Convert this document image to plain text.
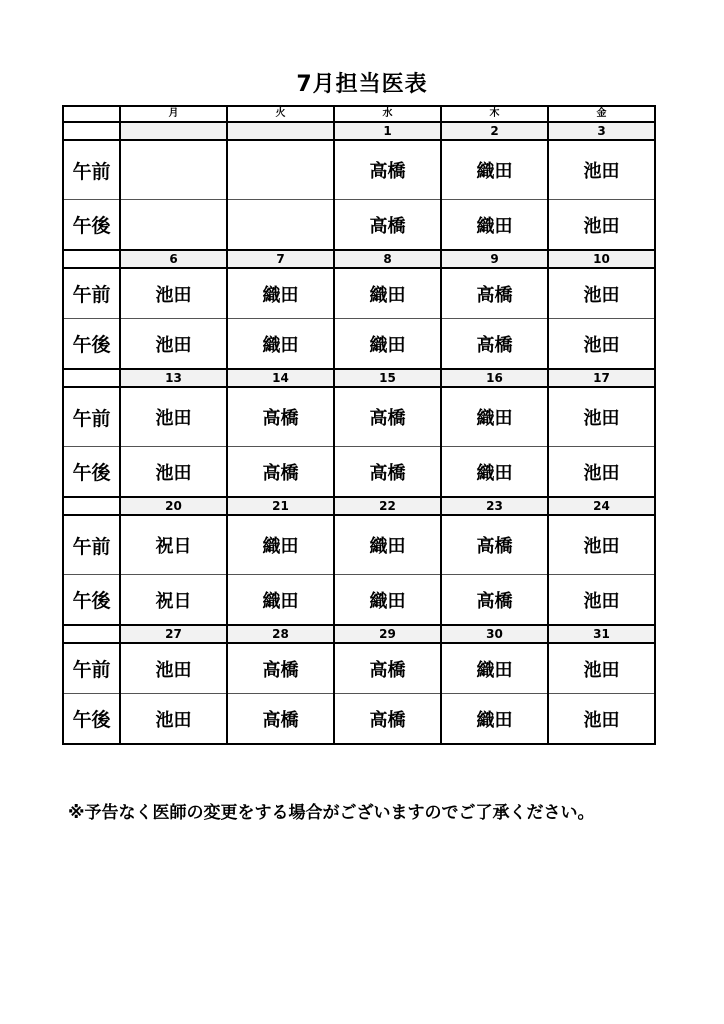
7月担当医表
	月	火	水	木	金
			1	2	3
午前			高橋	織田	池田
午後			高橋	織田	池田
	6	7	8	9	10
午前	池田	織田	織田	高橋	池田
午後	池田	織田	織田	高橋	池田
	13	14	15	16	17
午前	池田	高橋	高橋	織田	池田
午後	池田	高橋	高橋	織田	池田
	20	21	22	23	24
午前	祝日	織田	織田	高橋	池田
午後	祝日	織田	織田	高橋	池田
	27	28	29	30	31
午前	池田	高橋	高橋	織田	池田
午後	池田	高橋	高橋	織田	池田
※予告なく医師の変更をする場合がございますのでご了承ください。
